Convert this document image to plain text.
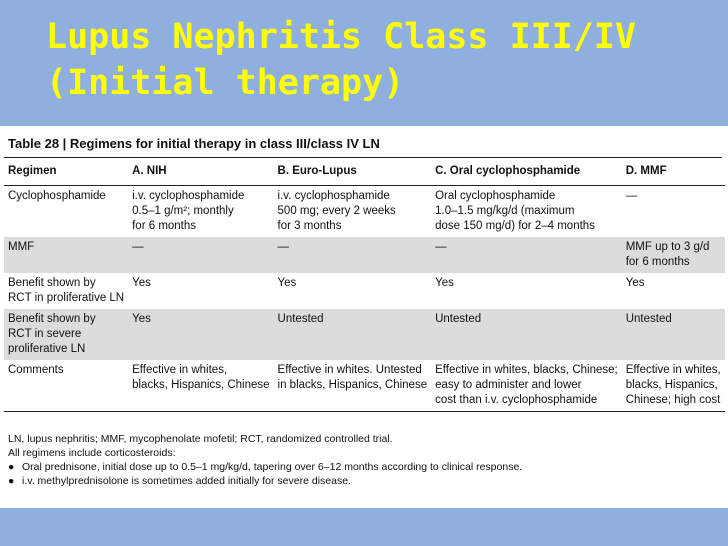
Lupus Nephritis Class III/IV
(Initial therapy)
Table 28 | Regimens for initial therapy in class III/class IV LN
Regimen	A. NIH	B. Euro-Lupus	C. Oral cyclophosphamide	D. MMF

Cyclophosphamide	i.v. cyclophosphamide
0.5–1 g/m²; monthly
for 6 months	i.v. cyclophosphamide
500 mg; every 2 weeks
for 3 months	Oral cyclophosphamide
1.0–1.5 mg/kg/d (maximum
dose 150 mg/d) for 2–4 months	—

MMF	—	—	—	MMF up to 3 g/d
for 6 months

Benefit shown by
RCT in proliferative LN	Yes	Yes	Yes	Yes

Benefit shown by
RCT in severe
proliferative LN	Yes	Untested	Untested	Untested

Comments	Effective in whites,
blacks, Hispanics, Chinese	Effective in whites. Untested
in blacks, Hispanics, Chinese	Effective in whites, blacks, Chinese;
easy to administer and lower
cost than i.v. cyclophosphamide	Effective in whites,
blacks, Hispanics,
Chinese; high cost
LN, lupus nephritis; MMF, mycophenolate mofetil; RCT, randomized controlled trial.
All regimens include corticosteroids:
● Oral prednisone, initial dose up to 0.5–1 mg/kg/d, tapering over 6–12 months according to clinical response.
● i.v. methylprednisolone is sometimes added initially for severe disease.
